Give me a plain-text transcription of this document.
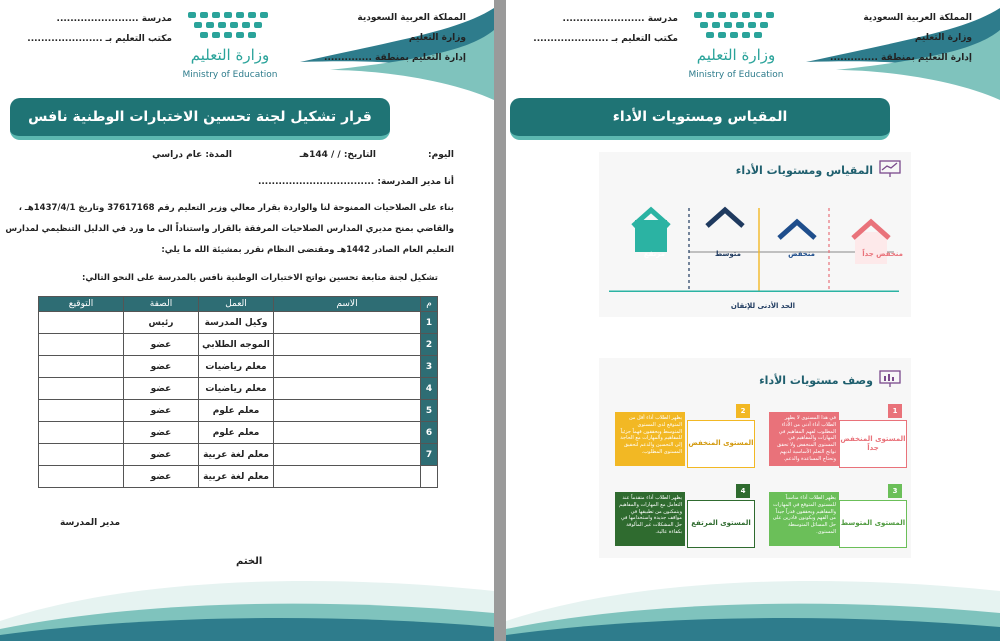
المملكة العربية السعودية
وزارة التعليم
إدارة التعليم بمنطقة ..............
وزارة التعليم
Ministry of Education
مدرسة ........................
مكتب التعليم بـ ......................
قرار تشكيل لجنة تحسين الاختبارات الوطنية نافس
اليوم:
التاريخ: / / 144هـ
المدة: عام دراسي
أنا مدير المدرسة: ..................................
بناء على الصلاحيات الممنوحة لنا والواردة بقرار معالي وزير التعليم رقم 37617168 وتاريخ 1437/4/1هـ ،
والقاضي بمنح مديري المدارس الصلاحيات المرفقة بالقرار واستناداً الى ما ورد في الدليل التنظيمي لمدارس
التعليم العام الصادر 1442هـ ومقتضى النظام نقرر بمشيئة الله ما يلي:
تشكيل لجنة متابعة تحسين نواتج الاختبارات الوطنية نافس بالمدرسة على النحو التالي:
م	الاسم	العمل	الصفة	التوقيع
1		وكيل المدرسة	رئيس	
2		الموجه الطلابي	عضو	
3		معلم رياضيات	عضو	
4		معلم رياضيات	عضو	
5		معلم علوم	عضو	
6		معلم علوم	عضو	
7		معلم لغة عربية	عضو	
		معلم لغة عربية	عضو	
مدير المدرسة
الختم
المملكة العربية السعودية
وزارة التعليم
إدارة التعليم بمنطقة ..............
وزارة التعليم
Ministry of Education
مدرسة ........................
مكتب التعليم بـ ......................
المقياس ومستويات الأداء
المقياس ومستويات الأداء
منخفض جداً
منخفض
متوسط
مرتفع
الحد الأدنى للإتقان
وصف مستويات الأداء
1
المستوى المنخفض جداً
في هذا المستوى لا يظهر الطلاب أداء أدنى من الأداء المطلوب لفهم المفاهيم في المهارات والمفاهيم في المستوى المنخفض ولا تحقق نواتج التعلم الأساسية لديهم وتحتاج المساعدة والدعم.
2
المستوى المنخفض
يظهر الطلاب أداء أقل من المتوقع لدى المستوى المتوسط ويحققون فهماً جزئياً للمفاهيم والمهارات مع الحاجة إلى التحسين والدعم لتحقيق المستوى المطلوب.
3
المستوى المتوسط
يظهر الطلاب أداء مناسباً للمستوى المتوقع في المهارات والمفاهيم ويحققون قدراً جيداً من الفهم ويكونون قادرين على حل المسائل المتوسطة المستوى.
4
المستوى المرتفع
يظهر الطلاب أداء متقدماً عند التعامل مع المهارات والمفاهيم ويتمكنون من تطبيقها في مواقف جديدة واستخدامها في حل المشكلات غير المألوفة بكفاءة عالية.
